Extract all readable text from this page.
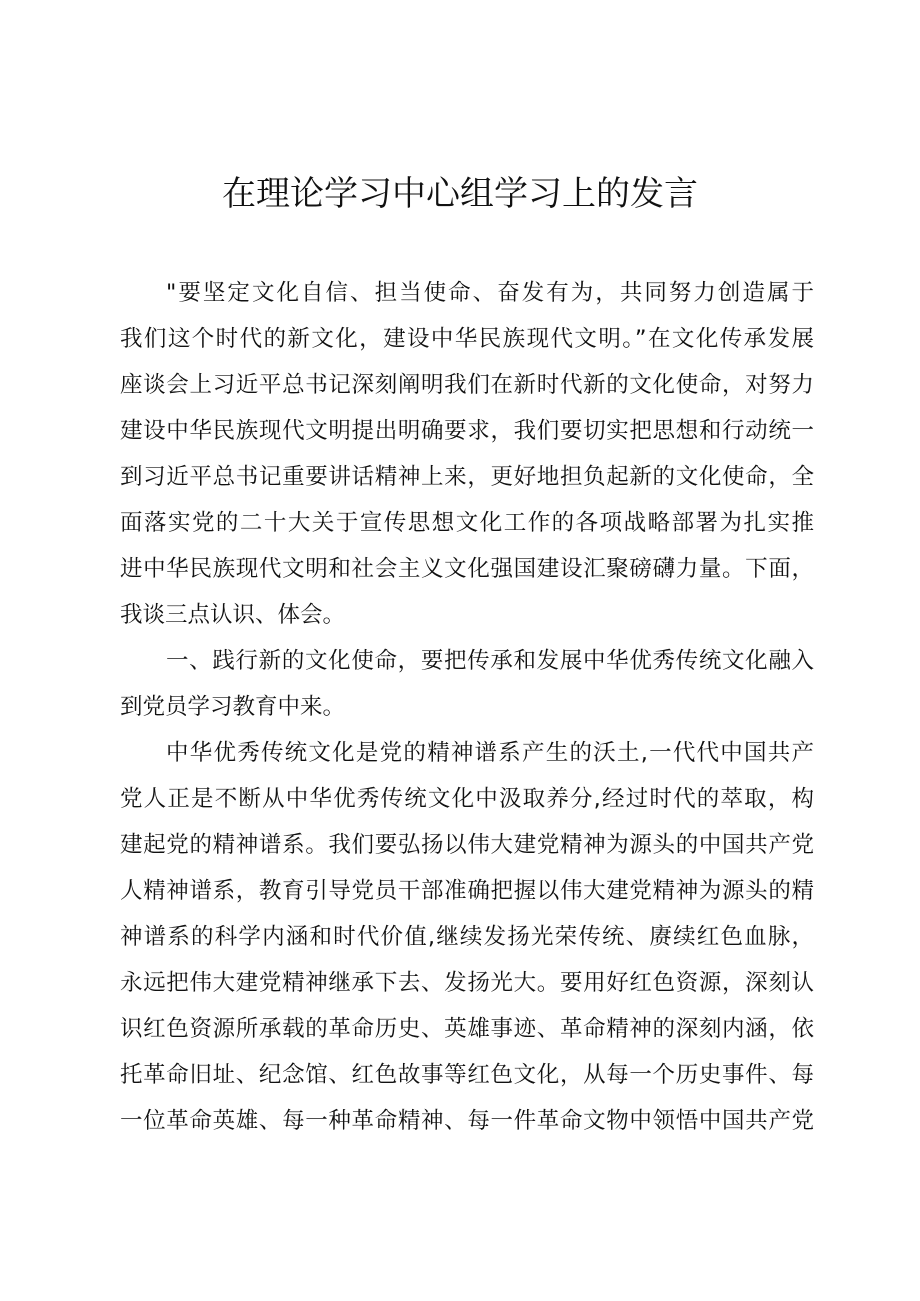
在理论学习中心组学习上的发言

"要坚定文化自信、担当使命、奋发有为，共同努力创造属于
我们这个时代的新文化，建设中华民族现代文明。”在文化传承发展
座谈会上习近平总书记深刻阐明我们在新时代新的文化使命，对努力
建设中华民族现代文明提出明确要求，我们要切实把思想和行动统一
到习近平总书记重要讲话精神上来，更好地担负起新的文化使命，全
面落实党的二十大关于宣传思想文化工作的各项战略部署为扎实推
进中华民族现代文明和社会主义文化强国建设汇聚磅礴力量。下面，
我谈三点认识、体会。

一、践行新的文化使命，要把传承和发展中华优秀传统文化融入
到党员学习教育中来。

中华优秀传统文化是党的精神谱系产生的沃土,一代代中国共产
党人正是不断从中华优秀传统文化中汲取养分,经过时代的萃取，构
建起党的精神谱系。我们要弘扬以伟大建党精神为源头的中国共产党
人精神谱系，教育引导党员干部准确把握以伟大建党精神为源头的精
神谱系的科学内涵和时代价值,继续发扬光荣传统、赓续红色血脉，
永远把伟大建党精神继承下去、发扬光大。要用好红色资源，深刻认
识红色资源所承载的革命历史、英雄事迹、革命精神的深刻内涵，依
托革命旧址、纪念馆、红色故事等红色文化，从每一个历史事件、每
一位革命英雄、每一种革命精神、每一件革命文物中领悟中国共产党
